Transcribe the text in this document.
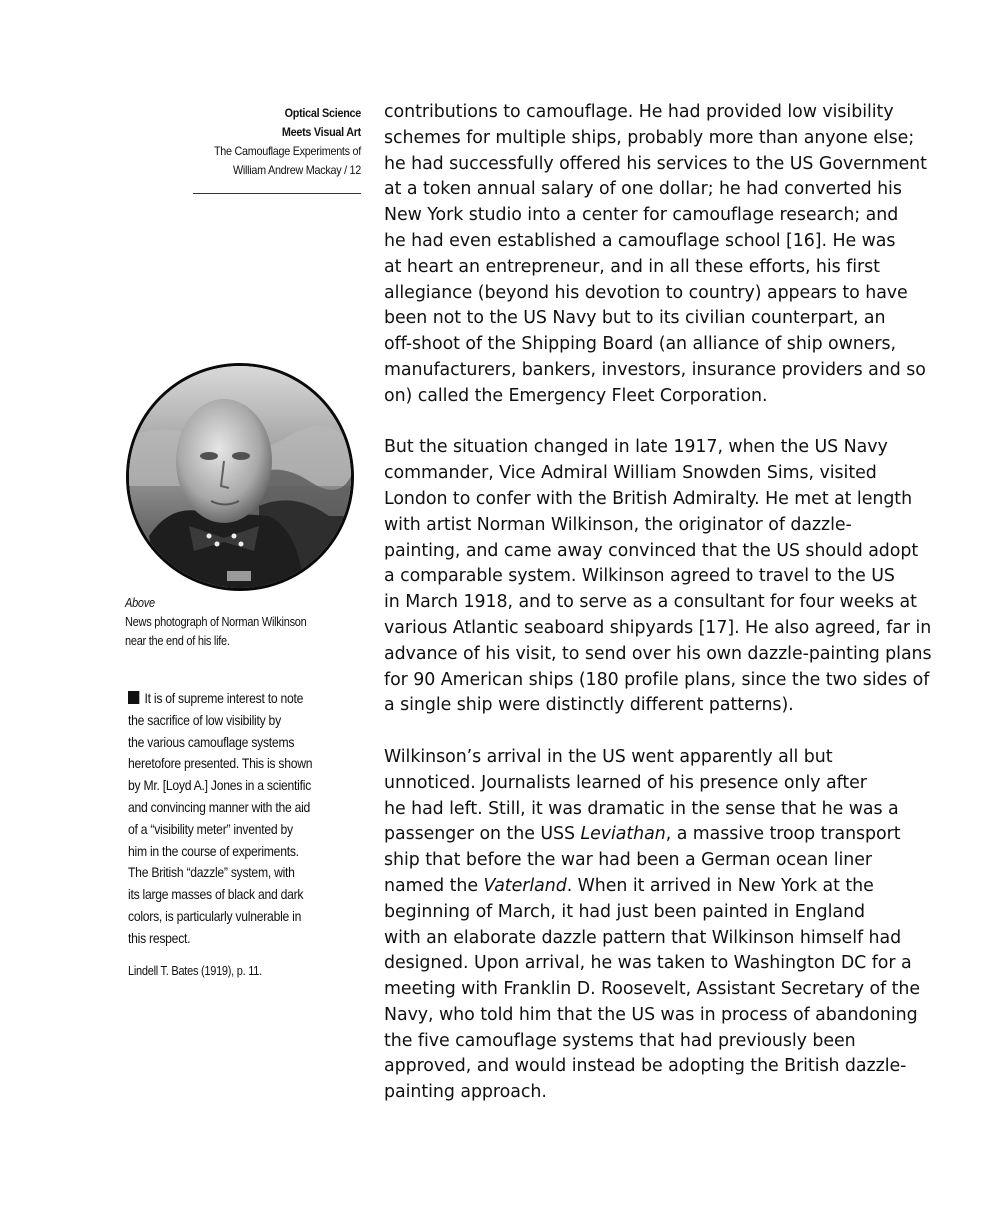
Optical Science
Meets Visual Art
The Camouflage Experiments of
William Andrew Mackay / 12
Above
News photograph of Norman Wilkinson
near the end of his life.
It is of supreme interest to note
the sacrifice of low visibility by
the various camouflage systems
heretofore presented. This is shown
by Mr. [Loyd A.] Jones in a scientific
and convincing manner with the aid
of a “visibility meter” invented by
him in the course of experiments.
The British “dazzle” system, with
its large masses of black and dark
colors, is particularly vulnerable in
this respect.
Lindell T. Bates (1919), p. 11.

contributions to camouflage. He had provided low visibility
schemes for multiple ships, probably more than anyone else;
he had successfully offered his services to the US Government
at a token annual salary of one dollar; he had converted his
New York studio into a center for camouflage research; and
he had even established a camouflage school [16]. He was
at heart an entrepreneur, and in all these efforts, his first
allegiance (beyond his devotion to country) appears to have
been not to the US Navy but to its civilian counterpart, an
off-shoot of the Shipping Board (an alliance of ship owners,
manufacturers, bankers, investors, insurance providers and so
on) called the Emergency Fleet Corporation.

But the situation changed in late 1917, when the US Navy
commander, Vice Admiral William Snowden Sims, visited
London to confer with the British Admiralty. He met at length
with artist Norman Wilkinson, the originator of dazzle-
painting, and came away convinced that the US should adopt
a comparable system. Wilkinson agreed to travel to the US
in March 1918, and to serve as a consultant for four weeks at
various Atlantic seaboard shipyards [17]. He also agreed, far in
advance of his visit, to send over his own dazzle-painting plans
for 90 American ships (180 profile plans, since the two sides of
a single ship were distinctly different patterns).

Wilkinson’s arrival in the US went apparently all but
unnoticed. Journalists learned of his presence only after
he had left. Still, it was dramatic in the sense that he was a
passenger on the USS Leviathan, a massive troop transport
ship that before the war had been a German ocean liner
named the Vaterland. When it arrived in New York at the
beginning of March, it had just been painted in England
with an elaborate dazzle pattern that Wilkinson himself had
designed. Upon arrival, he was taken to Washington DC for a
meeting with Franklin D. Roosevelt, Assistant Secretary of the
Navy, who told him that the US was in process of abandoning
the five camouflage systems that had previously been
approved, and would instead be adopting the British dazzle-
painting approach.
